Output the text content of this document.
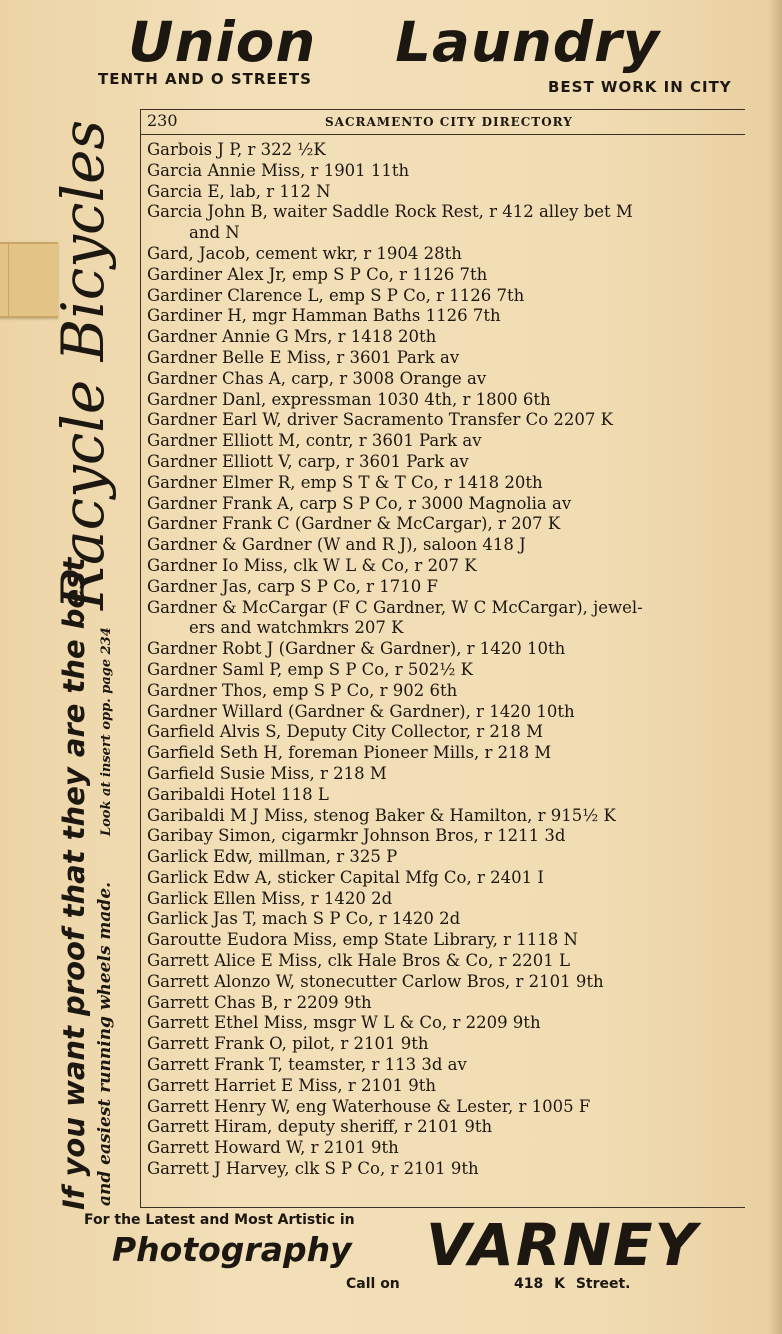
Union Laundry
TENTH AND O STREETS	BEST WORK IN CITY
230	SACRAMENTO CITY DIRECTORY
Garbois J P, r 322 ½K
Garcia Annie Miss, r 1901 11th
Garcia E, lab, r 112 N
Garcia John B, waiter Saddle Rock Rest, r 412 alley bet M
and N
Gard, Jacob, cement wkr, r 1904 28th
Gardiner Alex Jr, emp S P Co, r 1126 7th
Gardiner Clarence L, emp S P Co, r 1126 7th
Gardiner H, mgr Hamman Baths 1126 7th
Gardner Annie G Mrs, r 1418 20th
Gardner Belle E Miss, r 3601 Park av
Gardner Chas A, carp, r 3008 Orange av
Gardner Danl, expressman 1030 4th, r 1800 6th
Gardner Earl W, driver Sacramento Transfer Co 2207 K
Gardner Elliott M, contr, r 3601 Park av
Gardner Elliott V, carp, r 3601 Park av
Gardner Elmer R, emp S T & T Co, r 1418 20th
Gardner Frank A, carp S P Co, r 3000 Magnolia av
Gardner Frank C (Gardner & McCargar), r 207 K
Gardner & Gardner (W and R J), saloon 418 J
Gardner Io Miss, clk W L & Co, r 207 K
Gardner Jas, carp S P Co, r 1710 F
Gardner & McCargar (F C Gardner, W C McCargar), jewel-
ers and watchmkrs 207 K
Gardner Robt J (Gardner & Gardner), r 1420 10th
Gardner Saml P, emp S P Co, r 502½ K
Gardner Thos, emp S P Co, r 902 6th
Gardner Willard (Gardner & Gardner), r 1420 10th
Garfield Alvis S, Deputy City Collector, r 218 M
Garfield Seth H, foreman Pioneer Mills, r 218 M
Garfield Susie Miss, r 218 M
Garibaldi Hotel 118 L
Garibaldi M J Miss, stenog Baker & Hamilton, r 915½ K
Garibay Simon, cigarmkr Johnson Bros, r 1211 3d
Garlick Edw, millman, r 325 P
Garlick Edw A, sticker Capital Mfg Co, r 2401 I
Garlick Ellen Miss, r 1420 2d
Garlick Jas T, mach S P Co, r 1420 2d
Garoutte Eudora Miss, emp State Library, r 1118 N
Garrett Alice E Miss, clk Hale Bros & Co, r 2201 L
Garrett Alonzo W, stonecutter Carlow Bros, r 2101 9th
Garrett Chas B, r 2209 9th
Garrett Ethel Miss, msgr W L & Co, r 2209 9th
Garrett Frank O, pilot, r 2101 9th
Garrett Frank T, teamster, r 113 3d av
Garrett Harriet E Miss, r 2101 9th
Garrett Henry W, eng Waterhouse & Lester, r 1005 F
Garrett Hiram, deputy sheriff, r 2101 9th
Garrett Howard W, r 2101 9th
Garrett J Harvey, clk S P Co, r 2101 9th
If you want proof that they are the best
Racycle Bicycles
and easiest running wheels made.
Look at insert opp. page 234
For the Latest and Most Artistic in
Photography VARNEY
Call on	418 K Street.
